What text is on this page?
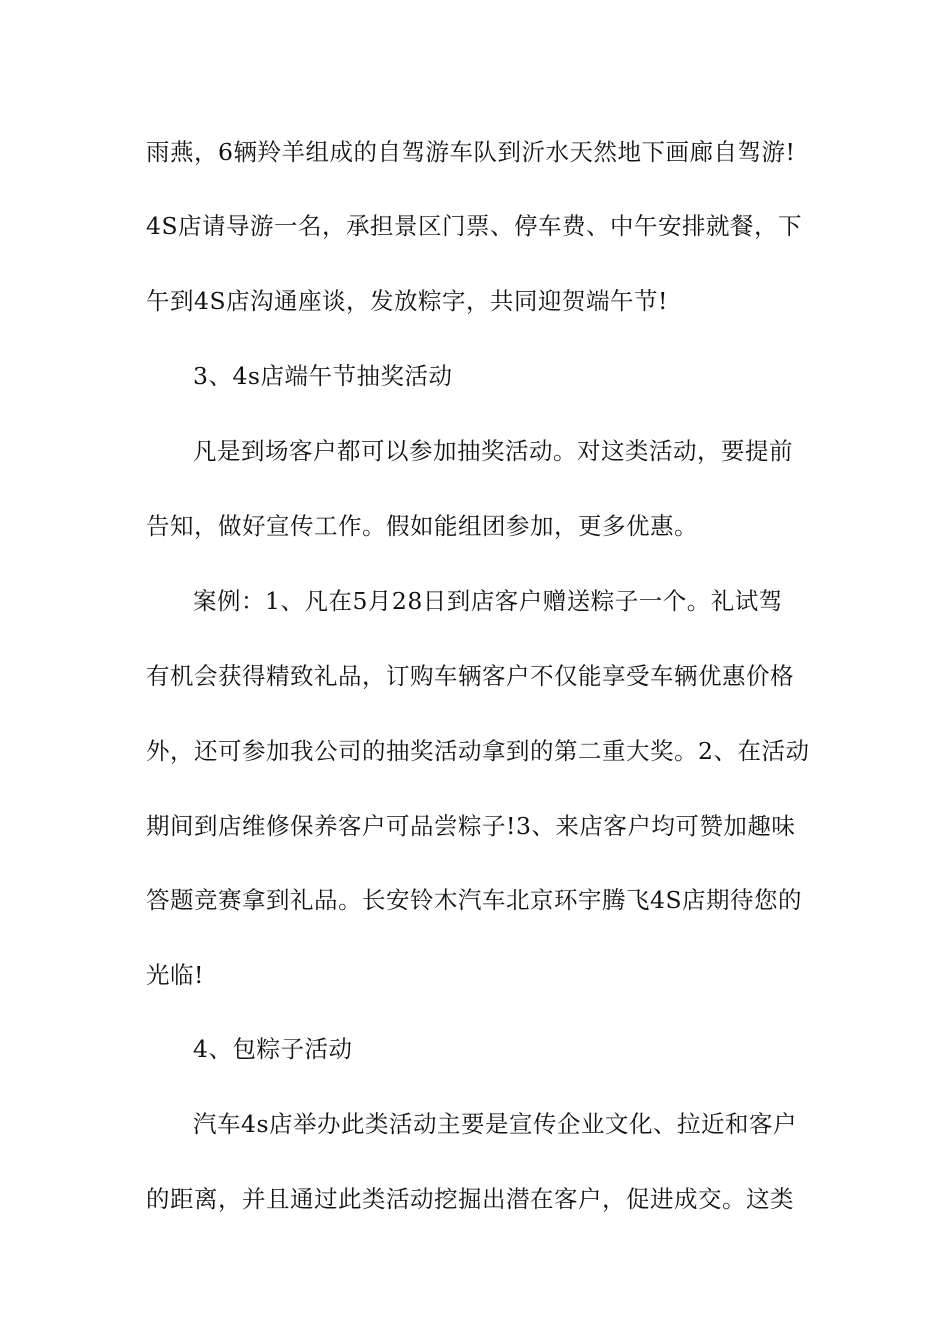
雨燕，6辆羚羊组成的自驾游车队到沂水天然地下画廊自驾游!
4S店请导游一名，承担景区门票、停车费、中午安排就餐，下
午到4S店沟通座谈，发放粽字，共同迎贺端午节!
3、4s店端午节抽奖活动
凡是到场客户都可以参加抽奖活动。对这类活动，要提前
告知，做好宣传工作。假如能组团参加，更多优惠。
案例：1、凡在5月28日到店客户赠送粽子一个。礼试驾
有机会获得精致礼品，订购车辆客户不仅能享受车辆优惠价格
外，还可参加我公司的抽奖活动拿到的第二重大奖。2、在活动
期间到店维修保养客户可品尝粽子!3、来店客户均可赞加趣味
答题竞赛拿到礼品。长安铃木汽车北京环宇腾飞4S店期待您的
光临!
4、包粽子活动
汽车4s店举办此类活动主要是宣传企业文化、拉近和客户
的距离，并且通过此类活动挖掘出潜在客户，促进成交。这类
